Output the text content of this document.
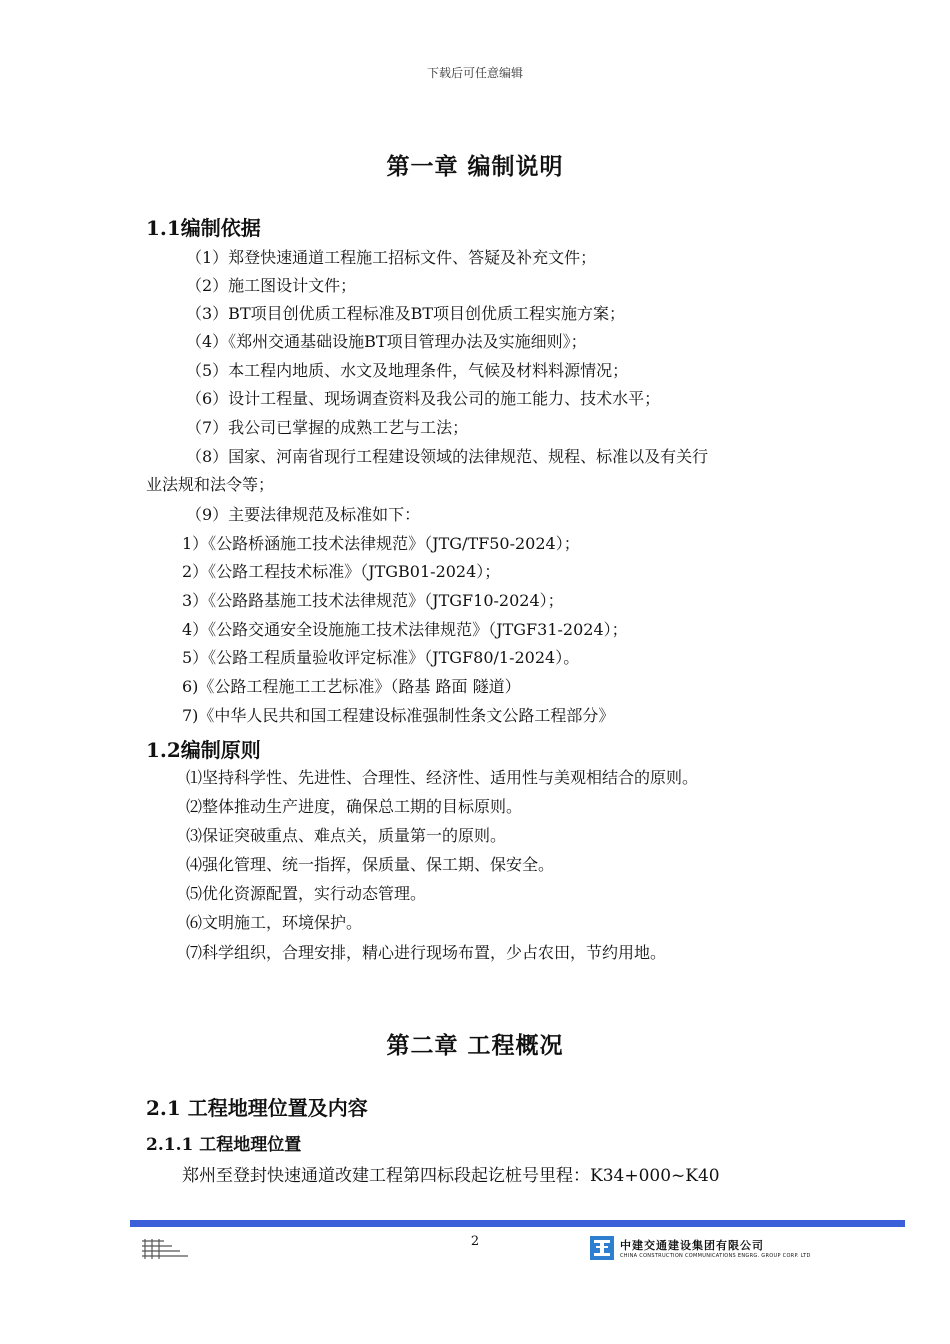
下载后可任意编辑
第一章 编制说明
1.1编制依据
（1）郑登快速通道工程施工招标文件、答疑及补充文件；
（2）施工图设计文件；
（3）BT项目创优质工程标准及BT项目创优质工程实施方案；
（4）《郑州交通基础设施BT项目管理办法及实施细则》；
（5）本工程内地质、水文及地理条件，气候及材料料源情况；
（6）设计工程量、现场调查资料及我公司的施工能力、技术水平；
（7）我公司已掌握的成熟工艺与工法；
（8）国家、河南省现行工程建设领域的法律规范、规程、标准以及有关行
业法规和法令等；
（9）主要法律规范及标准如下：
1）《公路桥涵施工技术法律规范》（JTG/TF50-2024）；
2）《公路工程技术标准》（JTGB01-2024）；
3）《公路路基施工技术法律规范》（JTGF10-2024）；
4）《公路交通安全设施施工技术法律规范》（JTGF31-2024）；
5）《公路工程质量验收评定标准》（JTGF80/1-2024）。
6)《公路工程施工工艺标准》（路基 路面 隧道）
7)《中华人民共和国工程建设标准强制性条文公路工程部分》
1.2编制原则
⑴坚持科学性、先进性、合理性、经济性、适用性与美观相结合的原则。
⑵整体推动生产进度，确保总工期的目标原则。
⑶保证突破重点、难点关，质量第一的原则。
⑷强化管理、统一指挥，保质量、保工期、保安全。
⑸优化资源配置，实行动态管理。
⑹文明施工，环境保护。
⑺科学组织，合理安排，精心进行现场布置，少占农田，节约用地。
第二章 工程概况
2.1 工程地理位置及内容
2.1.1 工程地理位置
郑州至登封快速通道改建工程第四标段起讫桩号里程：K34+000~K40
2	中建交通建设集团有限公司
CHINA CONSTRUCTION COMMUNICATIONS ENGRG. GROUP CORP. LTD
